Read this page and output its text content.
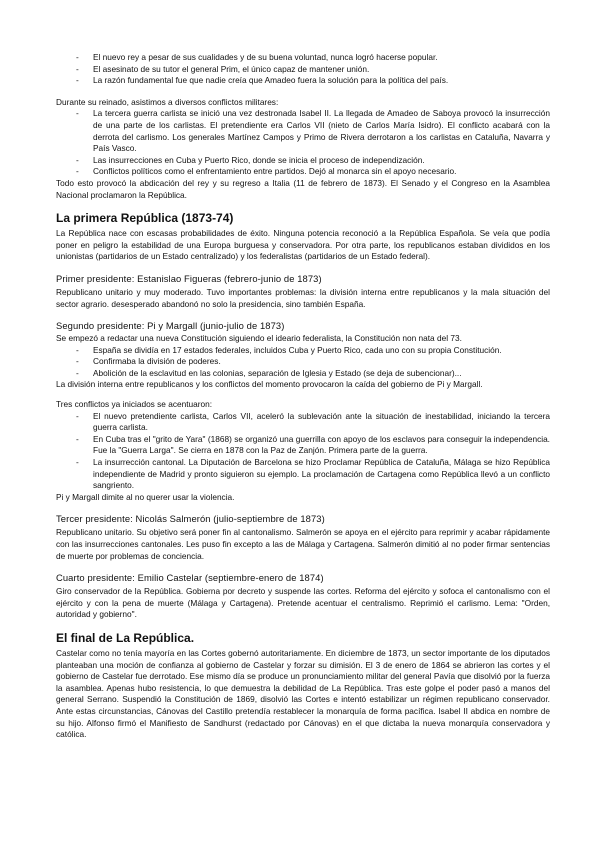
- El nuevo rey a pesar de sus cualidades y de su buena voluntad, nunca logró hacerse popular.
- El asesinato de su tutor el general Prim, el único capaz de mantener unión.
- La razón fundamental fue que nadie creía que Amadeo fuera la solución para la política del país.

Durante su reinado, asistimos a diversos conflictos militares:

- La tercera guerra carlista se inició una vez destronada Isabel II. La llegada de Amadeo de Saboya provocó la insurrección de una parte de los carlistas. El pretendiente era Carlos VII (nieto de Carlos María Isidro). El conflicto acabará con la derrota del carlismo. Los generales Martínez Campos y Primo de Rivera derrotaron a los carlistas en Cataluña, Navarra y País Vasco.
- Las insurrecciones en Cuba y Puerto Rico, donde se inicia el proceso de independización.
- Conflictos políticos como el enfrentamiento entre partidos. Dejó al monarca sin el apoyo necesario.

Todo esto provocó la abdicación del rey y su regreso a Italia (11 de febrero de 1873). El Senado y el Congreso en la Asamblea Nacional proclamaron la República.

La primera República (1873-74)

La República nace con escasas probabilidades de éxito. Ninguna potencia reconoció a la República Española. Se veía que podía poner en peligro la estabilidad de una Europa burguesa y conservadora. Por otra parte, los republicanos estaban divididos en los unionistas (partidarios de un Estado centralizado) y los federalistas (partidarios de un Estado federal).

Primer presidente: Estanislao Figueras (febrero-junio de 1873)

Republicano unitario y muy moderado. Tuvo importantes problemas: la división interna entre republicanos y la mala situación del sector agrario. desesperado abandonó no solo la presidencia, sino también España.

Segundo presidente: Pi y Margall (junio-julio de 1873)

Se empezó a redactar una nueva Constitución siguiendo el ideario federalista, la Constitución non nata del 73.

- España se dividía en 17 estados federales, incluidos Cuba y Puerto Rico, cada uno con su propia Constitución.
- Confirmaba la división de poderes.
- Abolición de la esclavitud en las colonias, separación de Iglesia y Estado (se deja de subencionar)...

La división interna entre republicanos y los conflictos del momento provocaron la caída del gobierno de Pi y Margall.

Tres conflictos ya iniciados se acentuaron:

- El nuevo pretendiente carlista, Carlos VII, aceleró la sublevación ante la situación de inestabilidad, iniciando la tercera guerra carlista.
- En Cuba tras el "grito de Yara" (1868) se organizó una guerrilla con apoyo de los esclavos para conseguir la independencia. Fue la "Guerra Larga". Se cierra en 1878 con la Paz de Zanjón. Primera parte de la guerra.
- La insurrección cantonal. La Diputación de Barcelona se hizo Proclamar República de Cataluña, Málaga se hizo República independiente de Madrid y pronto siguieron su ejemplo. La proclamación de Cartagena como República llevó a un conflicto sangriento.

Pi y Margall dimite al no querer usar la violencia.

Tercer presidente: Nicolás Salmerón (julio-septiembre de 1873)

Republicano unitario. Su objetivo será poner fin al cantonalismo. Salmerón se apoya en el ejército para reprimir y acabar rápidamente con las insurrecciones cantonales. Les puso fin excepto a las de Málaga y Cartagena. Salmerón dimitió al no poder firmar sentencias de muerte por problemas de conciencia.

Cuarto presidente: Emilio Castelar (septiembre-enero de 1874)

Giro conservador de la República. Gobierna por decreto y suspende las cortes. Reforma del ejército y sofoca el cantonalismo con el ejército y con la pena de muerte (Málaga y Cartagena). Pretende acentuar el centralismo. Reprimió el carlismo. Lema: "Orden, autoridad y gobierno".

El final de La República.

Castelar como no tenía mayoría en las Cortes gobernó autoritariamente. En diciembre de 1873, un sector importante de los diputados planteaban una moción de confianza al gobierno de Castelar y forzar su dimisión. El 3 de enero de 1864 se abrieron las cortes y el gobierno de Castelar fue derrotado. Ese mismo día se produce un pronunciamiento militar del general Pavía que disolvió por la fuerza la asamblea. Apenas hubo resistencia, lo que demuestra la debilidad de La República. Tras este golpe el poder pasó a manos del general Serrano. Suspendió la Constitución de 1869, disolvió las Cortes e intentó estabilizar un régimen republicano conservador. Ante estas circunstancias, Cánovas del Castillo pretendía restablecer la monarquía de forma pacífica. Isabel II abdica en nombre de su hijo. Alfonso firmó el Manifiesto de Sandhurst (redactado por Cánovas) en el que dictaba la nueva monarquía conservadora y católica.
